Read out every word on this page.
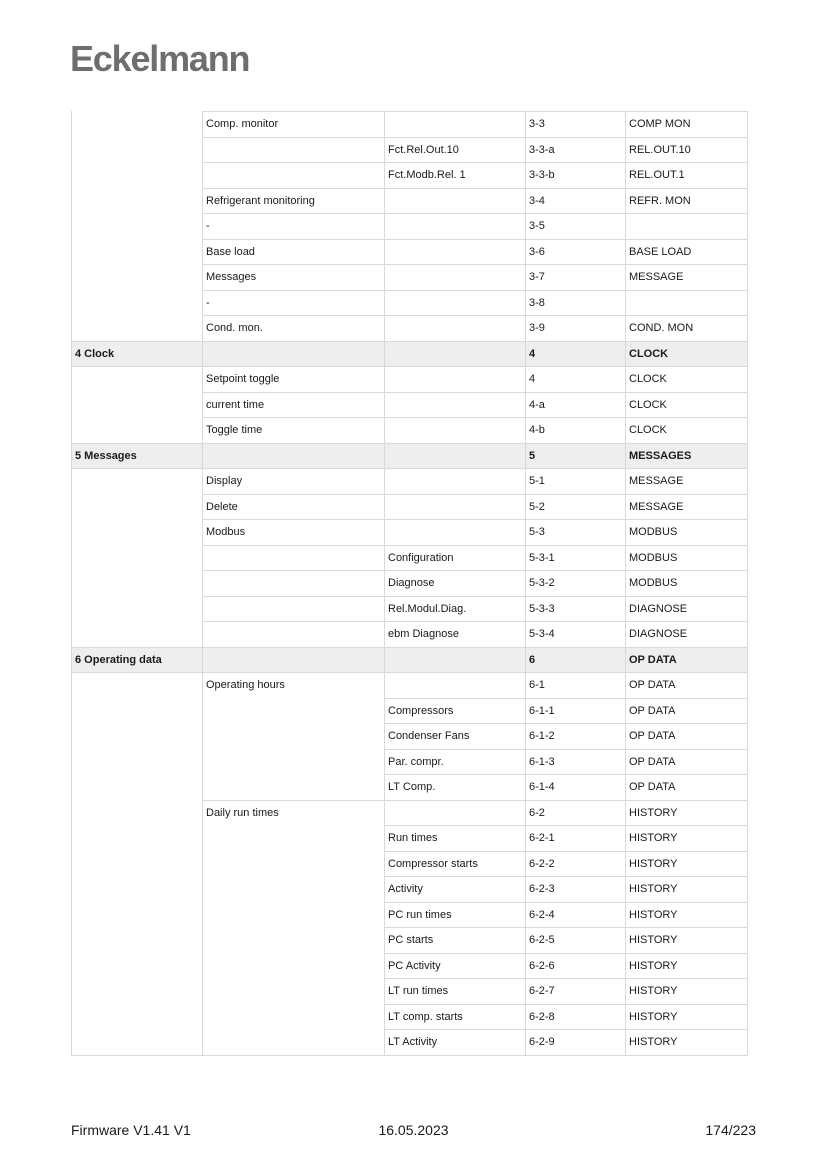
Eckelmann
	Comp. monitor		3-3	COMP MON
		Fct.Rel.Out.10	3-3-a	REL.OUT.10
		Fct.Modb.Rel. 1	3-3-b	REL.OUT.1
	Refrigerant monitoring		3-4	REFR. MON
	-		3-5	
	Base load		3-6	BASE LOAD
	Messages		3-7	MESSAGE
	-		3-8	
	Cond. mon.		3-9	COND. MON
4 Clock			4	CLOCK
	Setpoint toggle		4	CLOCK
	current time		4-a	CLOCK
	Toggle time		4-b	CLOCK
5 Messages			5	MESSAGES
	Display		5-1	MESSAGE
	Delete		5-2	MESSAGE
	Modbus		5-3	MODBUS
		Configuration	5-3-1	MODBUS
		Diagnose	5-3-2	MODBUS
		Rel.Modul.Diag.	5-3-3	DIAGNOSE
		ebm Diagnose	5-3-4	DIAGNOSE
6 Operating data			6	OP DATA
	Operating hours		6-1	OP DATA
		Compressors	6-1-1	OP DATA
		Condenser Fans	6-1-2	OP DATA
		Par. compr.	6-1-3	OP DATA
		LT Comp.	6-1-4	OP DATA
	Daily run times		6-2	HISTORY
		Run times	6-2-1	HISTORY
		Compressor starts	6-2-2	HISTORY
		Activity	6-2-3	HISTORY
		PC run times	6-2-4	HISTORY
		PC starts	6-2-5	HISTORY
		PC Activity	6-2-6	HISTORY
		LT run times	6-2-7	HISTORY
		LT comp. starts	6-2-8	HISTORY
		LT Activity	6-2-9	HISTORY
Firmware V1.41 V1	16.05.2023	174/223
